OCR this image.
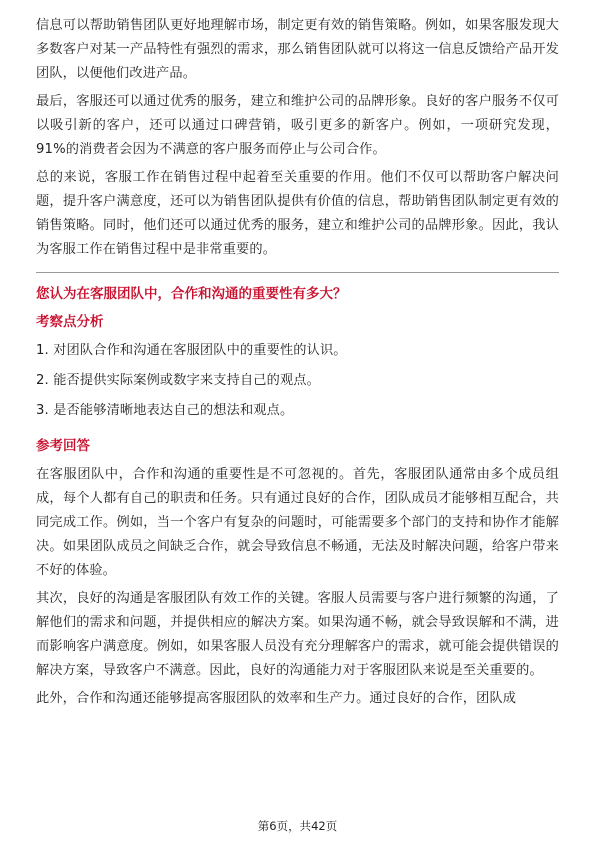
信息可以帮助销售团队更好地理解市场，制定更有效的销售策略。例如，如果客服发现大多数客户对某一产品特性有强烈的需求，那么销售团队就可以将这一信息反馈给产品开发团队，以便他们改进产品。

最后，客服还可以通过优秀的服务，建立和维护公司的品牌形象。良好的客户服务不仅可以吸引新的客户，还可以通过口碑营销，吸引更多的新客户。例如，一项研究发现，91%的消费者会因为不满意的客户服务而停止与公司合作。

总的来说，客服工作在销售过程中起着至关重要的作用。他们不仅可以帮助客户解决问题，提升客户满意度，还可以为销售团队提供有价值的信息，帮助销售团队制定更有效的销售策略。同时，他们还可以通过优秀的服务，建立和维护公司的品牌形象。因此，我认为客服工作在销售过程中是非常重要的。

您认为在客服团队中，合作和沟通的重要性有多大？
考察点分析

1. 对团队合作和沟通在客服团队中的重要性的认识。

2. 能否提供实际案例或数字来支持自己的观点。

3. 是否能够清晰地表达自己的想法和观点。

参考回答

在客服团队中，合作和沟通的重要性是不可忽视的。首先，客服团队通常由多个成员组成，每个人都有自己的职责和任务。只有通过良好的合作，团队成员才能够相互配合，共同完成工作。例如，当一个客户有复杂的问题时，可能需要多个部门的支持和协作才能解决。如果团队成员之间缺乏合作，就会导致信息不畅通，无法及时解决问题，给客户带来不好的体验。

其次，良好的沟通是客服团队有效工作的关键。客服人员需要与客户进行频繁的沟通，了解他们的需求和问题，并提供相应的解决方案。如果沟通不畅，就会导致误解和不满，进而影响客户满意度。例如，如果客服人员没有充分理解客户的需求，就可能会提供错误的解决方案，导致客户不满意。因此，良好的沟通能力对于客服团队来说是至关重要的。

此外，合作和沟通还能够提高客服团队的效率和生产力。通过良好的合作，团队成

第6页，共42页
